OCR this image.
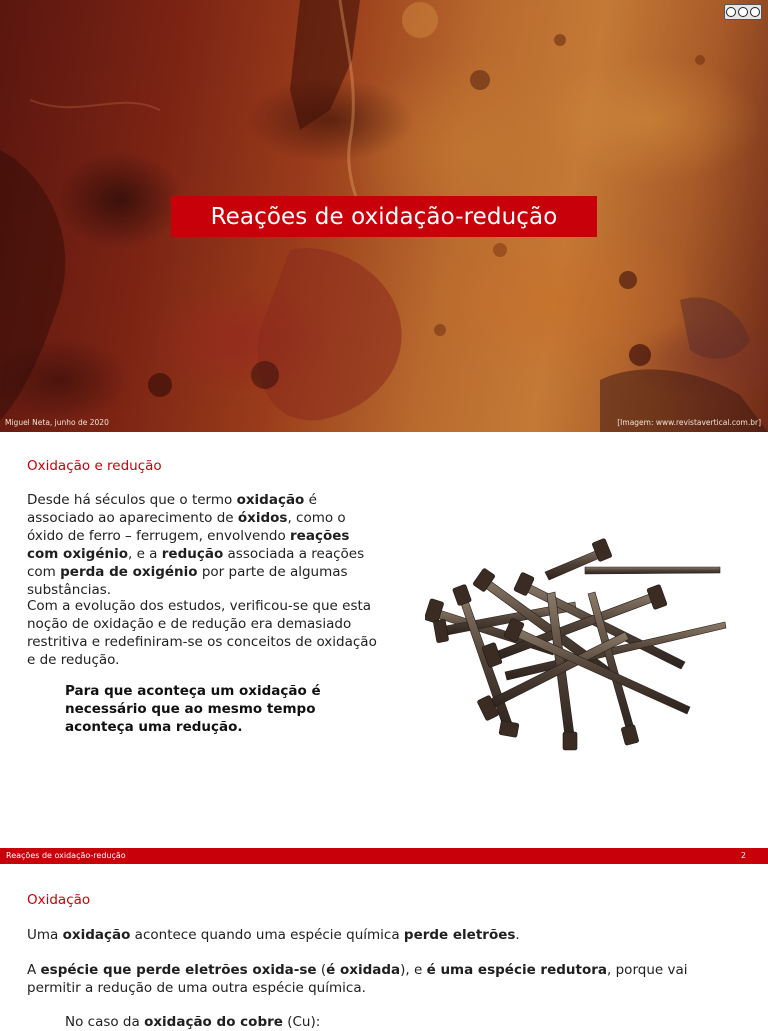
Reações de oxidação-redução
Miguel Neta, junho de 2020	[Imagem: www.revistavertical.com.br]
Oxidação e redução

Desde há séculos que o termo oxidação é associado ao aparecimento de óxidos, como o óxido de ferro – ferrugem, envolvendo reações com oxigénio, e a redução associada a reações com perda de oxigénio por parte de algumas substâncias.

Com a evolução dos estudos, verificou-se que esta noção de oxidação e de redução era demasiado restritiva e redefiniram-se os conceitos de oxidação e de redução.

Para que aconteça um oxidação é necessário que ao mesmo tempo aconteça uma redução.

Reações de oxidação-redução	2
Oxidação

Uma oxidação acontece quando uma espécie química perde eletrões.

A espécie que perde eletrões oxida-se (é oxidada), e é uma espécie redutora, porque vai permitir a redução de uma outra espécie química.

No caso da oxidação do cobre (Cu):
